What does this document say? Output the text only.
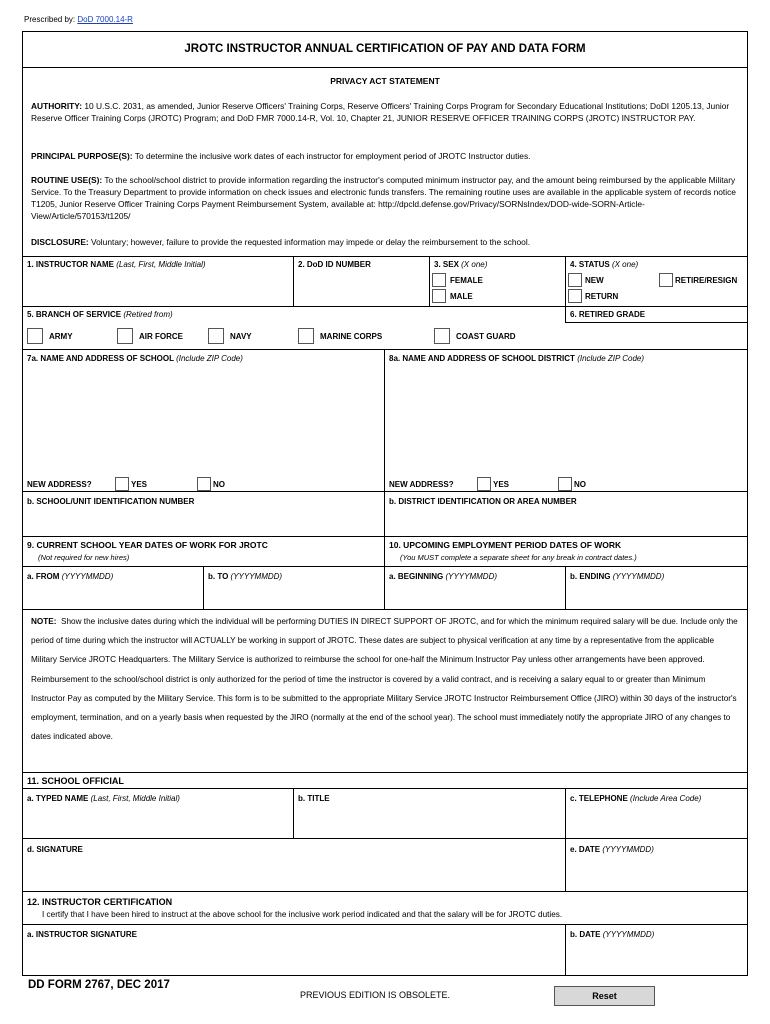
Prescribed by: DoD 7000.14-R
JROTC INSTRUCTOR ANNUAL CERTIFICATION OF PAY AND DATA FORM
PRIVACY ACT STATEMENT
AUTHORITY: 10 U.S.C. 2031, as amended, Junior Reserve Officers' Training Corps, Reserve Officers' Training Corps Program for Secondary Educational Institutions; DoDI 1205.13, Junior Reserve Officer Training Corps (JROTC) Program; and DoD FMR 7000.14-R, Vol. 10, Chapter 21, JUNIOR RESERVE OFFICER TRAINING CORPS (JROTC) INSTRUCTOR PAY.
PRINCIPAL PURPOSE(S): To determine the inclusive work dates of each instructor for employment period of JROTC Instructor duties.
ROUTINE USE(S): To the school/school district to provide information regarding the instructor's computed minimum instructor pay, and the amount being reimbursed by the applicable Military Service. To the Treasury Department to provide information on check issues and electronic funds transfers. The remaining routine uses are available in the applicable system of records notice T1205, Junior Reserve Officer Training Corps Payment Reimbursement System, available at: http://dpcld.defense.gov/Privacy/SORNsIndex/DOD-wide-SORN-Article-View/Article/570153/t1205/
DISCLOSURE: Voluntary; however, failure to provide the requested information may impede or delay the reimbursement to the school.
1. INSTRUCTOR NAME (Last, First, Middle Initial)	2. DoD ID NUMBER	3. SEX (X one)	4. STATUS (X one)
FEMALE
MALE
NEW	RETIRE/RESIGN
RETURN
5. BRANCH OF SERVICE (Retired from)	6. RETIRED GRADE
ARMY	AIR FORCE	NAVY	MARINE CORPS	COAST GUARD
7a. NAME AND ADDRESS OF SCHOOL (Include ZIP Code)	8a. NAME AND ADDRESS OF SCHOOL DISTRICT (Include ZIP Code)
NEW ADDRESS?	YES	NO	NEW ADDRESS?	YES	NO
b. SCHOOL/UNIT IDENTIFICATION NUMBER	b. DISTRICT IDENTIFICATION OR AREA NUMBER
9. CURRENT SCHOOL YEAR DATES OF WORK FOR JROTC
(Not required for new hires)
10. UPCOMING EMPLOYMENT PERIOD DATES OF WORK
(You MUST complete a separate sheet for any break in contract dates.)
a. FROM (YYYYMMDD)	b. TO (YYYYMMDD)	a. BEGINNING (YYYYMMDD)	b. ENDING (YYYYMMDD)
NOTE: Show the inclusive dates during which the individual will be performing DUTIES IN DIRECT SUPPORT OF JROTC, and for which the minimum required salary will be due. Include only the period of time during which the instructor will ACTUALLY be working in support of JROTC. These dates are subject to physical verification at any time by a representative from the applicable Military Service JROTC Headquarters. The Military Service is authorized to reimburse the school for one-half the Minimum Instructor Pay unless other arrangements have been approved. Reimbursement to the school/school district is only authorized for the period of time the instructor is covered by a valid contract, and is receiving a salary equal to or greater than Minimum Instructor Pay as computed by the Military Service. This form is to be submitted to the appropriate Military Service JROTC Instructor Reimbursement Office (JIRO) within 30 days of the instructor's employment, termination, and on a yearly basis when requested by the JIRO (normally at the end of the school year). The school must immediately notify the appropriate JIRO of any changes to dates indicated above.
11. SCHOOL OFFICIAL
a. TYPED NAME (Last, First, Middle Initial)	b. TITLE	c. TELEPHONE (Include Area Code)
d. SIGNATURE	e. DATE (YYYYMMDD)
12. INSTRUCTOR CERTIFICATION
I certify that I have been hired to instruct at the above school for the inclusive work period indicated and that the salary will be for JROTC duties.
a. INSTRUCTOR SIGNATURE	b. DATE (YYYYMMDD)
DD FORM 2767, DEC 2017
PREVIOUS EDITION IS OBSOLETE.	Reset
